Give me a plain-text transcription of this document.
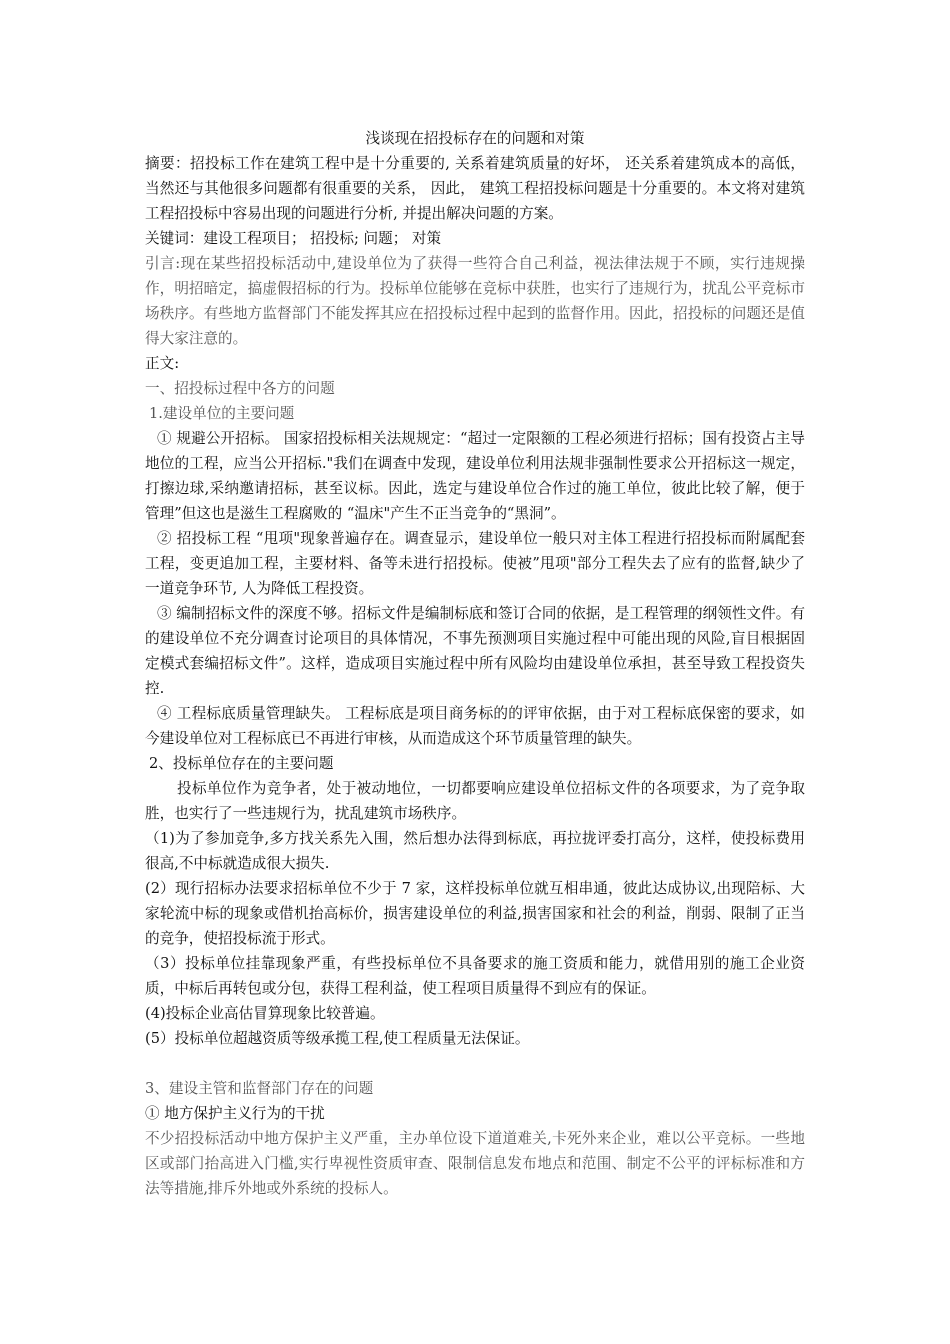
浅谈现在招投标存在的问题和对策

摘要：招投标工作在建筑工程中是十分重要的, 关系着建筑质量的好坏， 还关系着建筑成本的高低， 当然还与其他很多问题都有很重要的关系， 因此， 建筑工程招投标问题是十分重要的。本文将对建筑工程招投标中容易出现的问题进行分析, 并提出解决问题的方案。

关键词：建设工程项目； 招投标; 问题； 对策

引言:现在某些招投标活动中,建设单位为了获得一些符合自己利益，视法律法规于不顾，实行违规操作，明招暗定，搞虚假招标的行为。投标单位能够在竞标中获胜，也实行了违规行为，扰乱公平竞标市场秩序。有些地方监督部门不能发挥其应在招投标过程中起到的监督作用。因此，招投标的问题还是值得大家注意的。

正文:

一、招投标过程中各方的问题

1.建设单位的主要问题

① 规避公开招标。 国家招投标相关法规规定：“超过一定限额的工程必须进行招标；国有投资占主导地位的工程，应当公开招标."我们在调查中发现，建设单位利用法规非强制性要求公开招标这一规定，打擦边球,采纳邀请招标，甚至议标。因此，选定与建设单位合作过的施工单位，彼此比较了解，便于管理”但这也是滋生工程腐败的 “温床"产生不正当竞争的“黑洞”。

② 招投标工程 “甩项"现象普遍存在。调查显示，建设单位一般只对主体工程进行招投标而附属配套工程，变更追加工程，主要材料、备等未进行招投标。使被”甩项"部分工程失去了应有的监督,缺少了一道竞争环节, 人为降低工程投资。

③ 编制招标文件的深度不够。招标文件是编制标底和签订合同的依据，是工程管理的纲领性文件。有的建设单位不充分调查讨论项目的具体情况，不事先预测项目实施过程中可能出现的风险,盲目根据固定模式套编招标文件”。这样，造成项目实施过程中所有风险均由建设单位承担，甚至导致工程投资失控.

④ 工程标底质量管理缺失。 工程标底是项目商务标的的评审依据，由于对工程标底保密的要求，如今建设单位对工程标底已不再进行审核，从而造成这个环节质量管理的缺失。

2、投标单位存在的主要问题

投标单位作为竞争者，处于被动地位，一切都要响应建设单位招标文件的各项要求，为了竞争取胜，也实行了一些违规行为，扰乱建筑市场秩序。

（1)为了参加竞争,多方找关系先入围，然后想办法得到标底，再拉拢评委打高分，这样，使投标费用很高,不中标就造成很大损失.

(2）现行招标办法要求招标单位不少于 7 家，这样投标单位就互相串通，彼此达成协议,出现陪标、大家轮流中标的现象或借机抬高标价，损害建设单位的利益,损害国家和社会的利益，削弱、限制了正当的竞争，使招投标流于形式。

（3）投标单位挂靠现象严重，有些投标单位不具备要求的施工资质和能力，就借用别的施工企业资质，中标后再转包或分包，获得工程利益，使工程项目质量得不到应有的保证。

(4)投标企业高估冒算现象比较普遍。

(5）投标单位超越资质等级承揽工程,使工程质量无法保证。

3、建设主管和监督部门存在的问题

① 地方保护主义行为的干扰

不少招投标活动中地方保护主义严重，主办单位设下道道难关,卡死外来企业，难以公平竞标。一些地区或部门抬高进入门槛,实行卑视性资质审查、限制信息发布地点和范围、制定不公平的评标标准和方法等措施,排斥外地或外系统的投标人。
